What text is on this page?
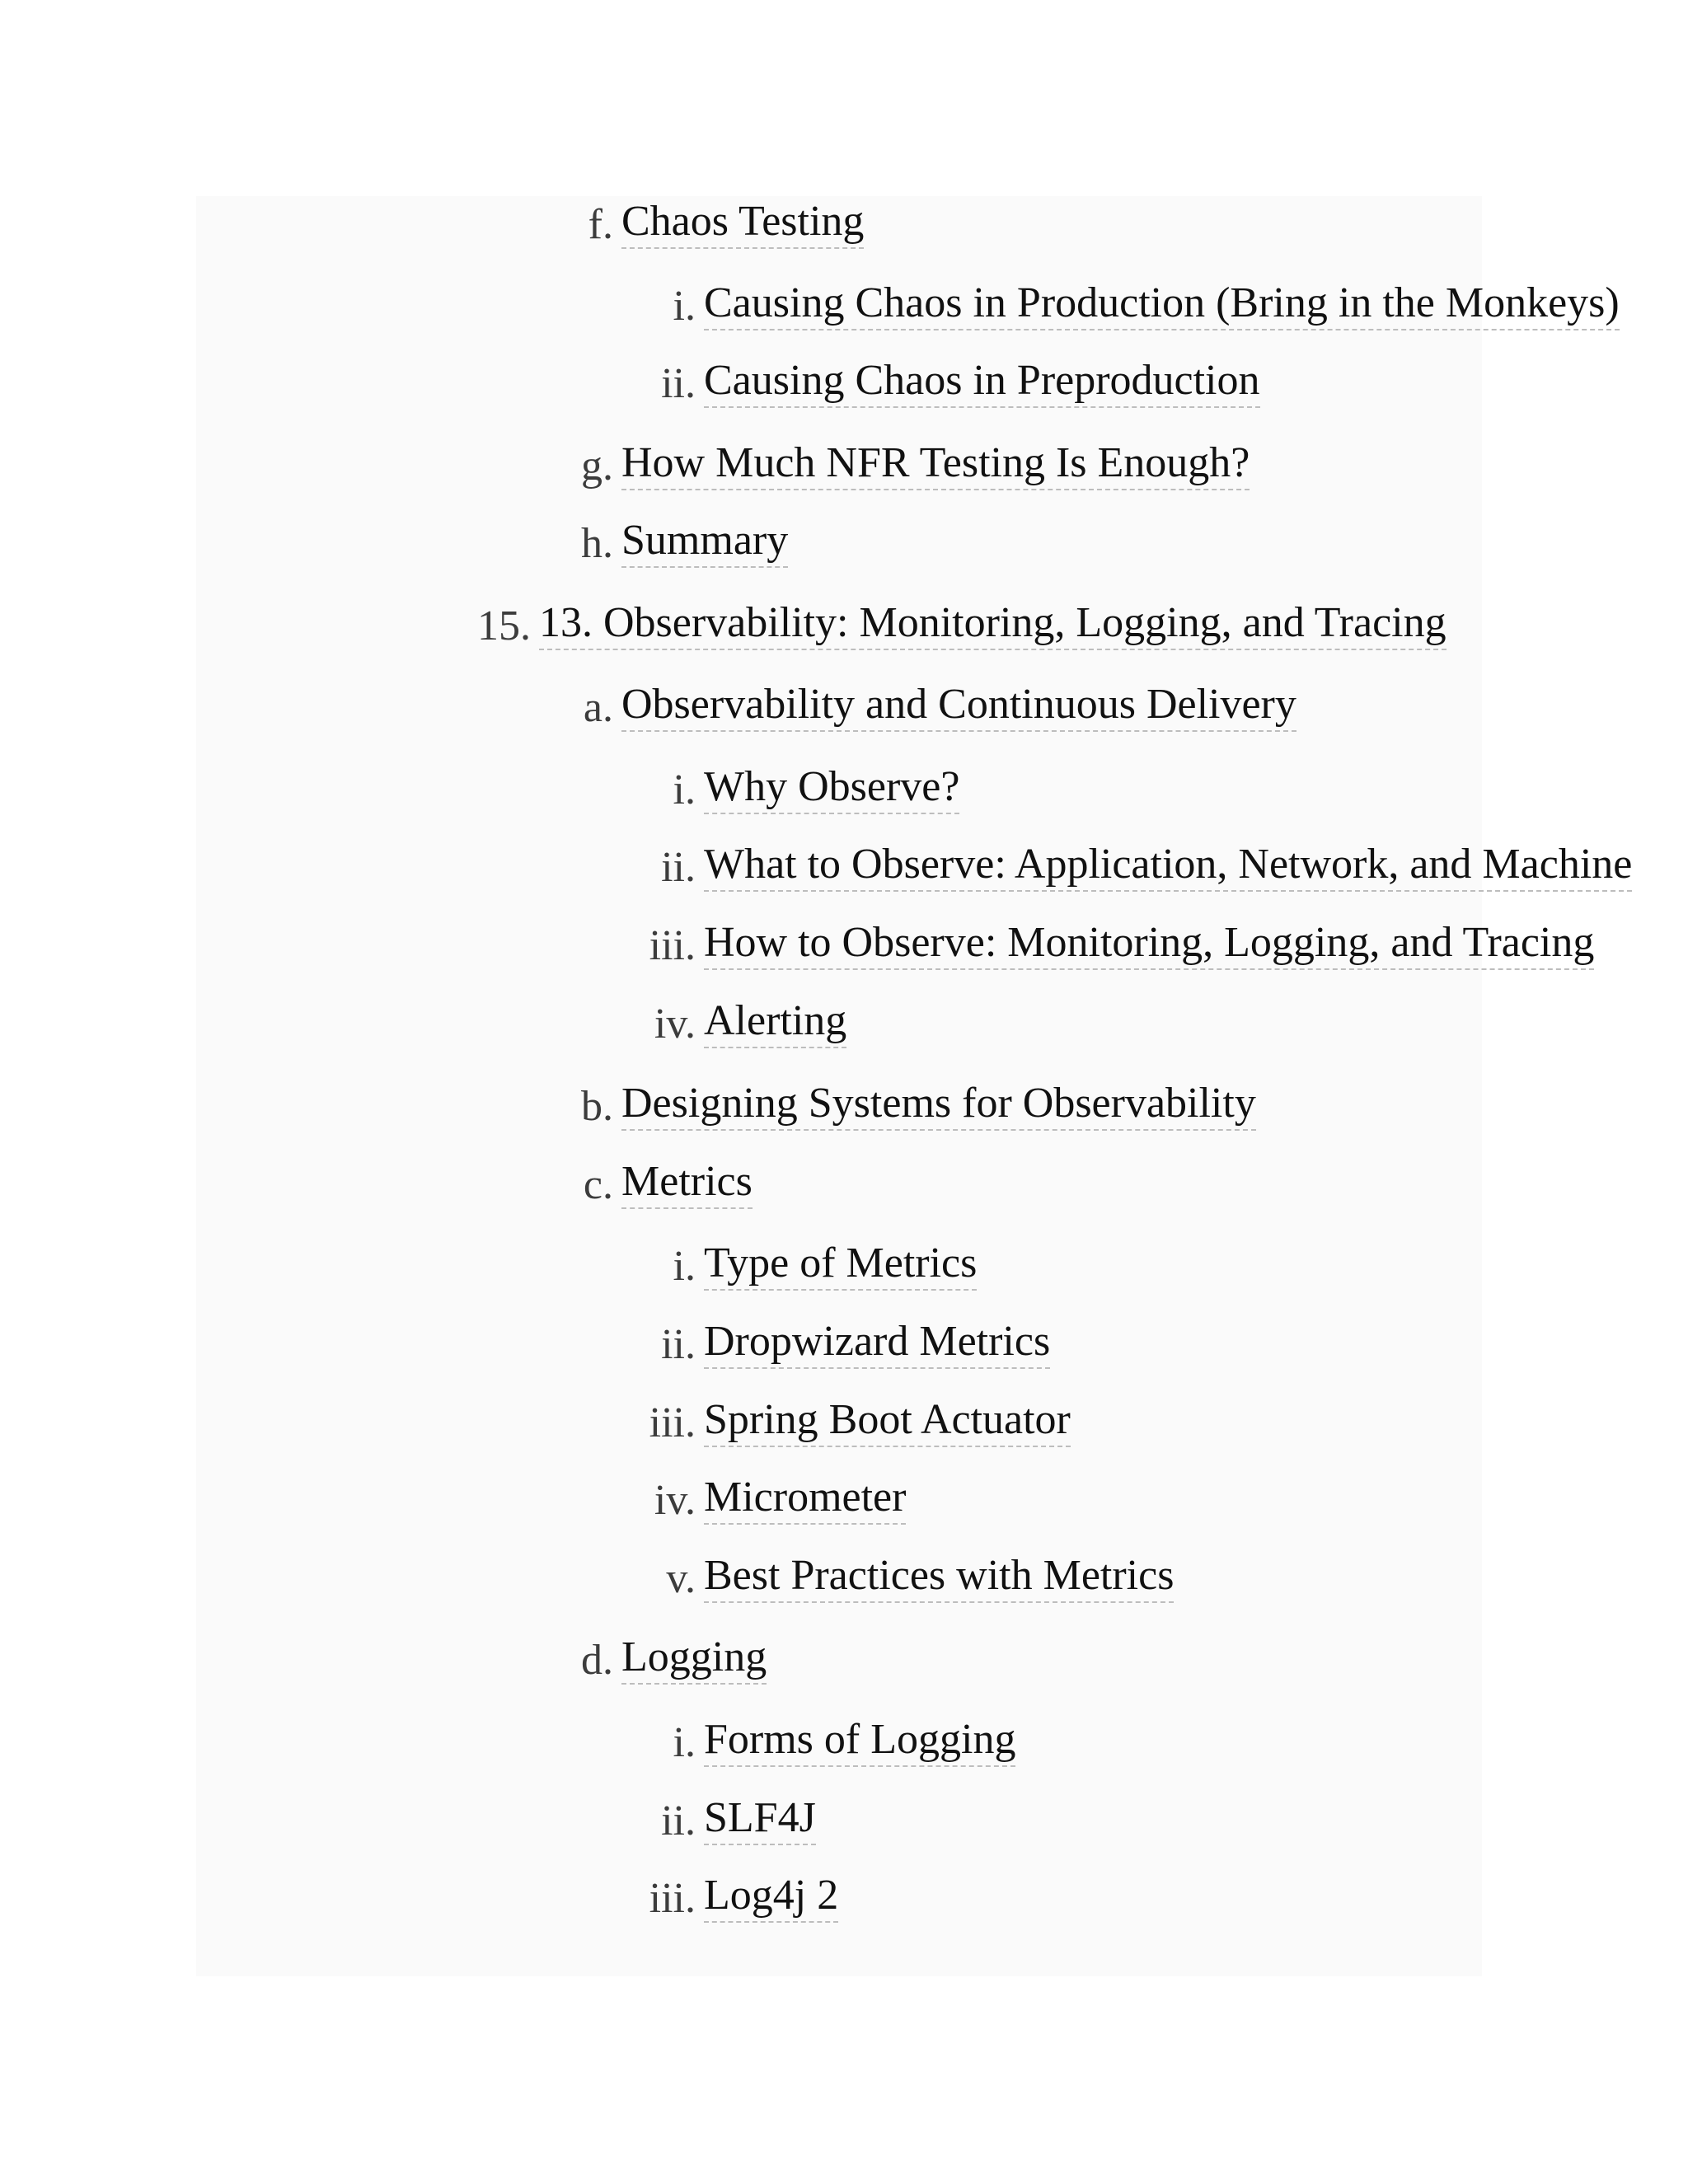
f. Chaos Testing
i. Causing Chaos in Production (Bring in the Monkeys)
ii. Causing Chaos in Preproduction
g. How Much NFR Testing Is Enough?
h. Summary
15. 13. Observability: Monitoring, Logging, and Tracing
a. Observability and Continuous Delivery
i. Why Observe?
ii. What to Observe: Application, Network, and Machine
iii. How to Observe: Monitoring, Logging, and Tracing
iv. Alerting
b. Designing Systems for Observability
c. Metrics
i. Type of Metrics
ii. Dropwizard Metrics
iii. Spring Boot Actuator
iv. Micrometer
v. Best Practices with Metrics
d. Logging
i. Forms of Logging
ii. SLF4J
iii. Log4j 2
